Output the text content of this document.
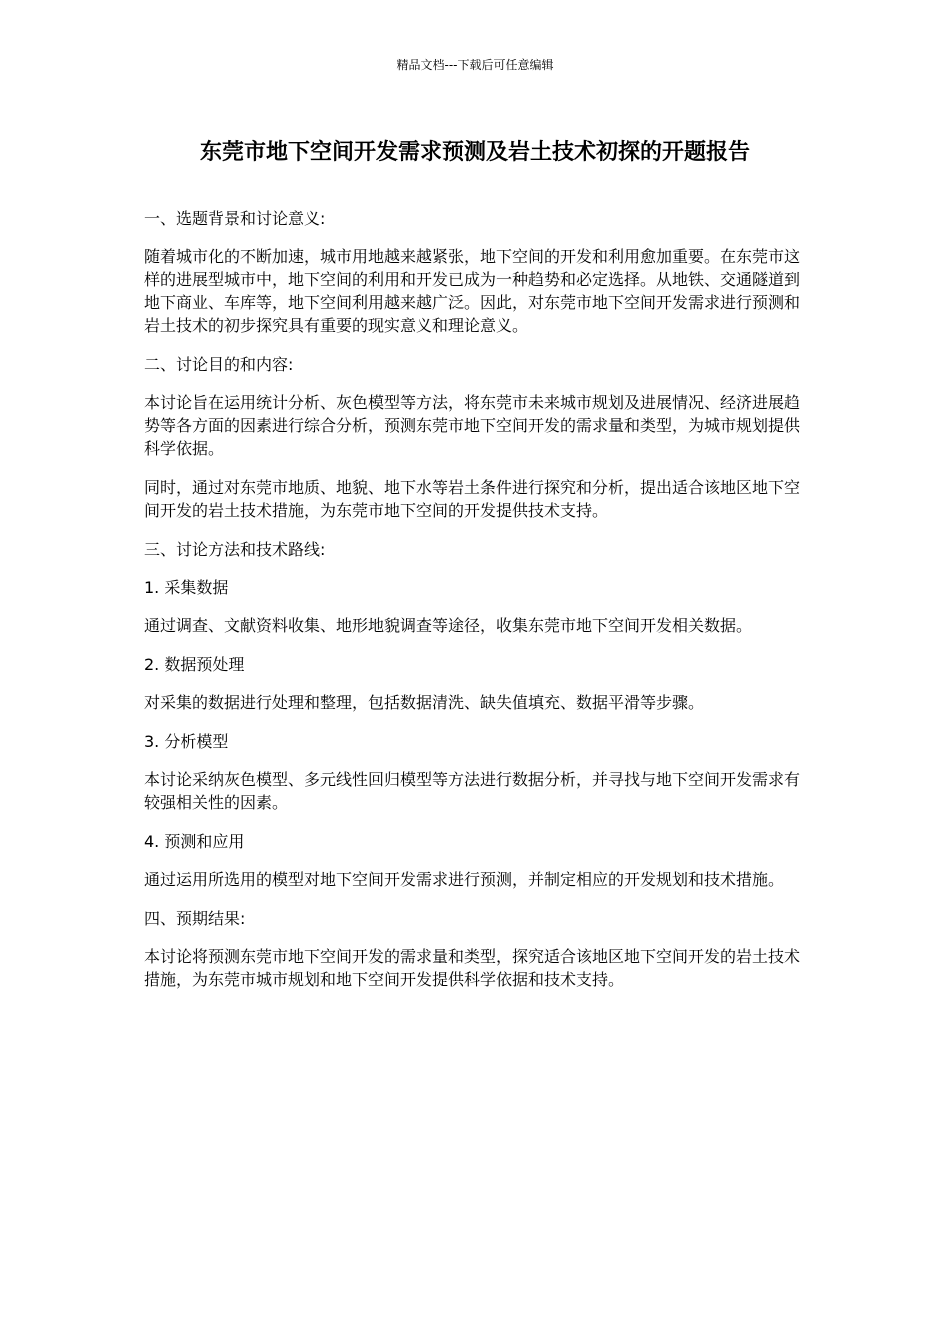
精品文档---下载后可任意编辑
东莞市地下空间开发需求预测及岩土技术初探的开题报告

一、选题背景和讨论意义:

随着城市化的不断加速，城市用地越来越紧张，地下空间的开发和利用愈加重要。在东莞市这样的进展型城市中，地下空间的利用和开发已成为一种趋势和必定选择。从地铁、交通隧道到地下商业、车库等，地下空间利用越来越广泛。因此，对东莞市地下空间开发需求进行预测和岩土技术的初步探究具有重要的现实意义和理论意义。

二、讨论目的和内容:

本讨论旨在运用统计分析、灰色模型等方法，将东莞市未来城市规划及进展情况、经济进展趋势等各方面的因素进行综合分析，预测东莞市地下空间开发的需求量和类型，为城市规划提供科学依据。

同时，通过对东莞市地质、地貌、地下水等岩土条件进行探究和分析，提出适合该地区地下空间开发的岩土技术措施，为东莞市地下空间的开发提供技术支持。

三、讨论方法和技术路线:

1. 采集数据

通过调查、文献资料收集、地形地貌调查等途径，收集东莞市地下空间开发相关数据。

2. 数据预处理

对采集的数据进行处理和整理，包括数据清洗、缺失值填充、数据平滑等步骤。

3. 分析模型

本讨论采纳灰色模型、多元线性回归模型等方法进行数据分析，并寻找与地下空间开发需求有较强相关性的因素。

4. 预测和应用

通过运用所选用的模型对地下空间开发需求进行预测，并制定相应的开发规划和技术措施。

四、预期结果:

本讨论将预测东莞市地下空间开发的需求量和类型，探究适合该地区地下空间开发的岩土技术措施，为东莞市城市规划和地下空间开发提供科学依据和技术支持。
